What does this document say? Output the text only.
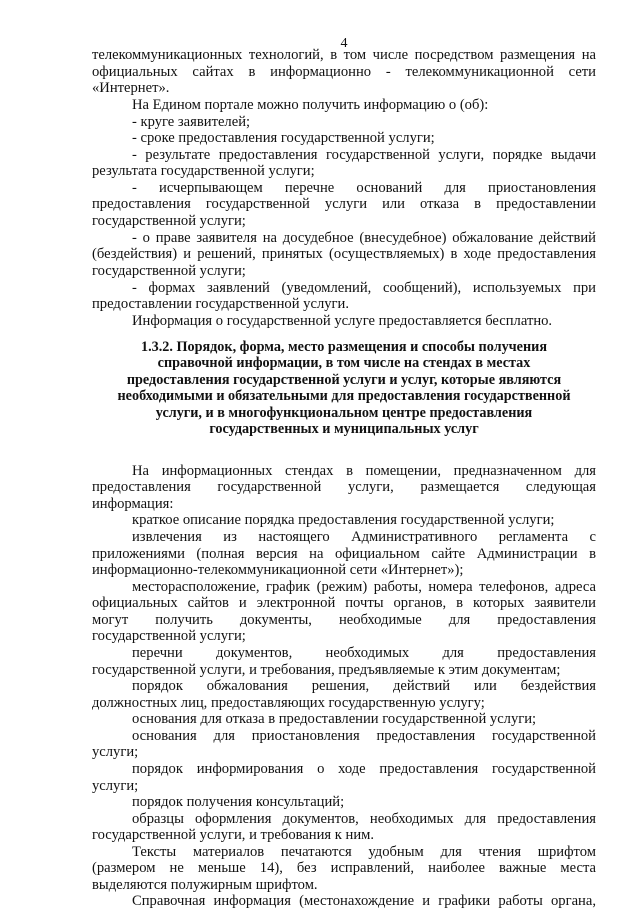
4
телекоммуникационных технологий, в том числе посредством размещения на
официальных сайтах в информационно - телекоммуникационной сети
«Интернет».
На Едином портале можно получить информацию о (об):
- круге заявителей;
- сроке предоставления государственной услуги;
- результате предоставления государственной услуги, порядке выдачи
результата государственной услуги;
- исчерпывающем перечне оснований для приостановления
предоставления государственной услуги или отказа в предоставлении
государственной услуги;
- о праве заявителя на досудебное (внесудебное) обжалование действий
(бездействия) и решений, принятых (осуществляемых) в ходе предоставления
государственной услуги;
- формах заявлений (уведомлений, сообщений), используемых при
предоставлении государственной услуги.
Информация о государственной услуге предоставляется бесплатно.
1.3.2. Порядок, форма, место размещения и способы получения
справочной информации, в том числе на стендах в местах
предоставления государственной услуги и услуг, которые являются
необходимыми и обязательными для предоставления государственной
услуги, и в многофункциональном центре предоставления
государственных и муниципальных услуг
На информационных стендах в помещении, предназначенном для
предоставления государственной услуги, размещается следующая
информация:
краткое описание порядка предоставления государственной услуги;
извлечения из настоящего Административного регламента с
приложениями (полная версия на официальном сайте Администрации в
информационно-телекоммуникационной сети «Интернет»);
месторасположение, график (режим) работы, номера телефонов, адреса
официальных сайтов и электронной почты органов, в которых заявители
могут получить документы, необходимые для предоставления
государственной услуги;
перечни документов, необходимых для предоставления
государственной услуги, и требования, предъявляемые к этим документам;
порядок обжалования решения, действий или бездействия
должностных лиц, предоставляющих государственную услугу;
основания для отказа в предоставлении государственной услуги;
основания для приостановления предоставления государственной
услуги;
порядок информирования о ходе предоставления государственной
услуги;
порядок получения консультаций;
образцы оформления документов, необходимых для предоставления
государственной услуги, и требования к ним.
Тексты материалов печатаются удобным для чтения шрифтом
(размером не меньше 14), без исправлений, наиболее важные места
выделяются полужирным шрифтом.
Справочная информация (местонахождение и графики работы органа,
